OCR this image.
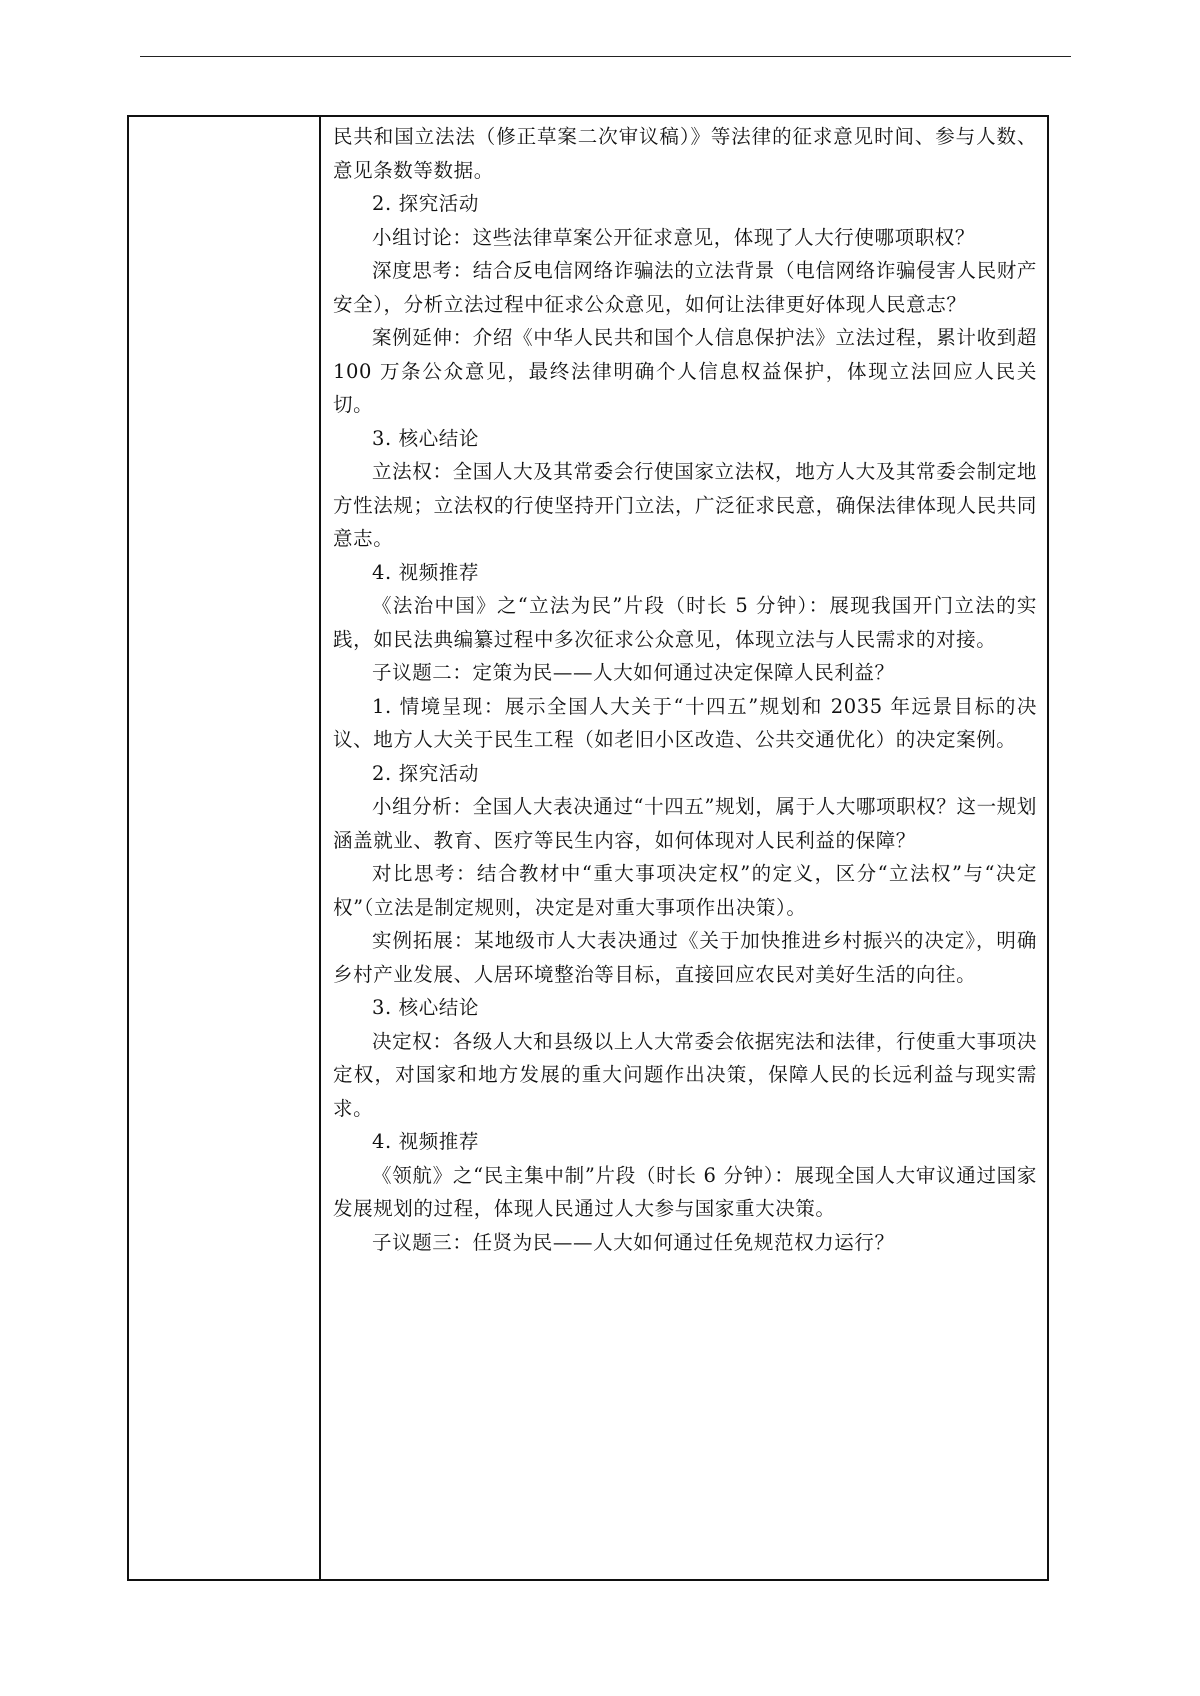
民共和国立法法（修正草案二次审议稿）》等法律的征求意见时间、参与人数、意见条数等数据。

2. 探究活动

小组讨论：这些法律草案公开征求意见，体现了人大行使哪项职权？

深度思考：结合反电信网络诈骗法的立法背景（电信网络诈骗侵害人民财产安全），分析立法过程中征求公众意见，如何让法律更好体现人民意志？

案例延伸：介绍《中华人民共和国个人信息保护法》立法过程，累计收到超 100 万条公众意见，最终法律明确个人信息权益保护，体现立法回应人民关切。

3. 核心结论

立法权：全国人大及其常委会行使国家立法权，地方人大及其常委会制定地方性法规；立法权的行使坚持开门立法，广泛征求民意，确保法律体现人民共同意志。

4. 视频推荐

《法治中国》之“立法为民”片段（时长 5 分钟）：展现我国开门立法的实践，如民法典编纂过程中多次征求公众意见，体现立法与人民需求的对接。

子议题二：定策为民——人大如何通过决定保障人民利益？

1. 情境呈现：展示全国人大关于“十四五”规划和 2035 年远景目标的决议、地方人大关于民生工程（如老旧小区改造、公共交通优化）的决定案例。

2. 探究活动

小组分析：全国人大表决通过“十四五”规划，属于人大哪项职权？这一规划涵盖就业、教育、医疗等民生内容，如何体现对人民利益的保障？

对比思考：结合教材中“重大事项决定权”的定义，区分“立法权”与“决定权”（立法是制定规则，决定是对重大事项作出决策）。

实例拓展：某地级市人大表决通过《关于加快推进乡村振兴的决定》，明确乡村产业发展、人居环境整治等目标，直接回应农民对美好生活的向往。

3. 核心结论

决定权：各级人大和县级以上人大常委会依据宪法和法律，行使重大事项决定权，对国家和地方发展的重大问题作出决策，保障人民的长远利益与现实需求。

4. 视频推荐

《领航》之“民主集中制”片段（时长 6 分钟）：展现全国人大审议通过国家发展规划的过程，体现人民通过人大参与国家重大决策。

子议题三：任贤为民——人大如何通过任免规范权力运行？
